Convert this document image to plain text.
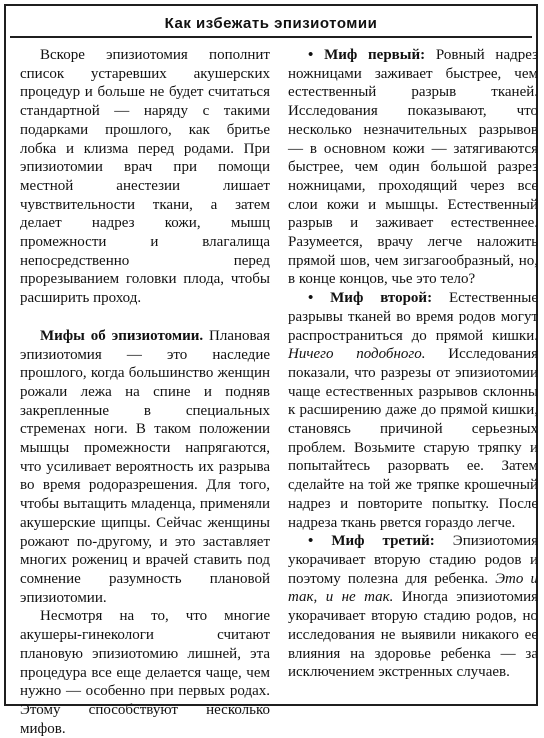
Как избежать эпизиотомии

Вскоре эпизиотомия пополнит список устаревших акушерских процедур и больше не будет считаться стандартной — наряду с такими подарками прошлого, как бритье лобка и клизма перед родами. При эпизиотомии врач при помощи местной анестезии лишает чувствительности ткани, а затем делает надрез кожи, мышц промежности и влагалища непосредственно перед прорезыванием головки плода, чтобы расширить проход.

Мифы об эпизиотомии. Плановая эпизиотомия — это наследие прошлого, когда большинство женщин рожали лежа на спине и подняв закрепленные в специальных стременах ноги. В таком положении мышцы промежности напрягаются, что усиливает вероятность их разрыва во время родоразрешения. Для того, чтобы вытащить младенца, применяли акушерские щипцы. Сейчас женщины рожают по-другому, и это заставляет многих рожениц и врачей ставить под сомнение разумность плановой эпизиотомии.

Несмотря на то, что многие акушеры-гинекологи считают плановую эпизиотомию лишней, эта процедура все еще делается чаще, чем нужно — особенно при первых родах. Этому способствуют несколько мифов.

• Миф первый: Ровный надрез ножницами заживает быстрее, чем естественный разрыв тканей. Исследования показывают, что несколько незначительных разрывов — в основном кожи — затягиваются быстрее, чем один большой разрез ножницами, проходящий через все слои кожи и мышцы. Естественный разрыв и заживает естественнее. Разумеется, врачу легче наложить прямой шов, чем зигзагообразный, но, в конце концов, чье это тело?

• Миф второй: Естественные разрывы тканей во время родов могут распространиться до прямой кишки. Ничего подобного. Исследования показали, что разрезы от эпизиотомии чаще естественных разрывов склонны к расширению даже до прямой кишки, становясь причиной серьезных проблем. Возьмите старую тряпку и попытайтесь разорвать ее. Затем сделайте на той же тряпке крошечный надрез и повторите попытку. После надреза ткань рвется гораздо легче.

• Миф третий: Эпизиотомия укорачивает вторую стадию родов и поэтому полезна для ребенка. Это и так, и не так. Иногда эпизиотомия укорачивает вторую стадию родов, но исследования не выявили никакого ее влияния на здоровье ребенка — за исключением экстренных случаев.
